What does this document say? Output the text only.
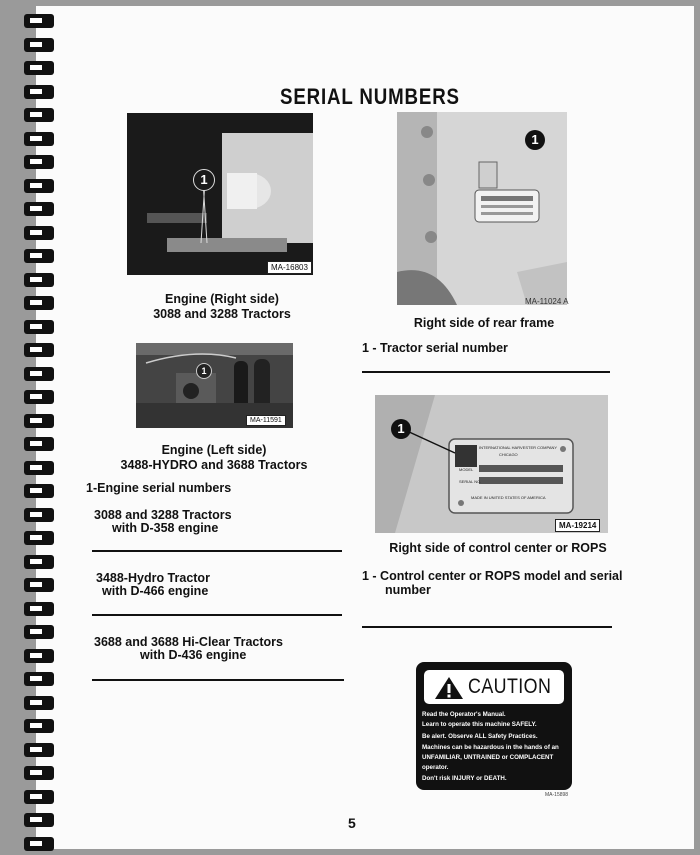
SERIAL NUMBERS
1
MA-16803
Engine (Right side)
3088 and 3288 Tractors
1
MA-11591
Engine (Left side)
3488-HYDRO and 3688 Tractors
1-Engine serial numbers
3088 and 3288 Tractors
with D-358 engine
3488-Hydro Tractor
with D-466 engine
3688 and 3688 Hi-Clear Tractors
with D-436 engine
1
MA-11024 A
Right side of rear frame
1 - Tractor serial number
1
INTERNATIONAL HARVESTER COMPANY
CHICAGO
MODEL
SERIAL NO.
MADE IN UNITED STATES OF AMERICA
MA-19214
Right side of control center or ROPS
1 - Control center or ROPS model and serial
number
CAUTION
Read the Operator's Manual.
Learn to operate this machine SAFELY.
Be alert. Observe ALL Safety Practices.
Machines can be hazardous in the hands of an
UNFAMILIAR, UNTRAINED or COMPLACENT
operator.
Don't risk INJURY or DEATH.
MA-15898
5
